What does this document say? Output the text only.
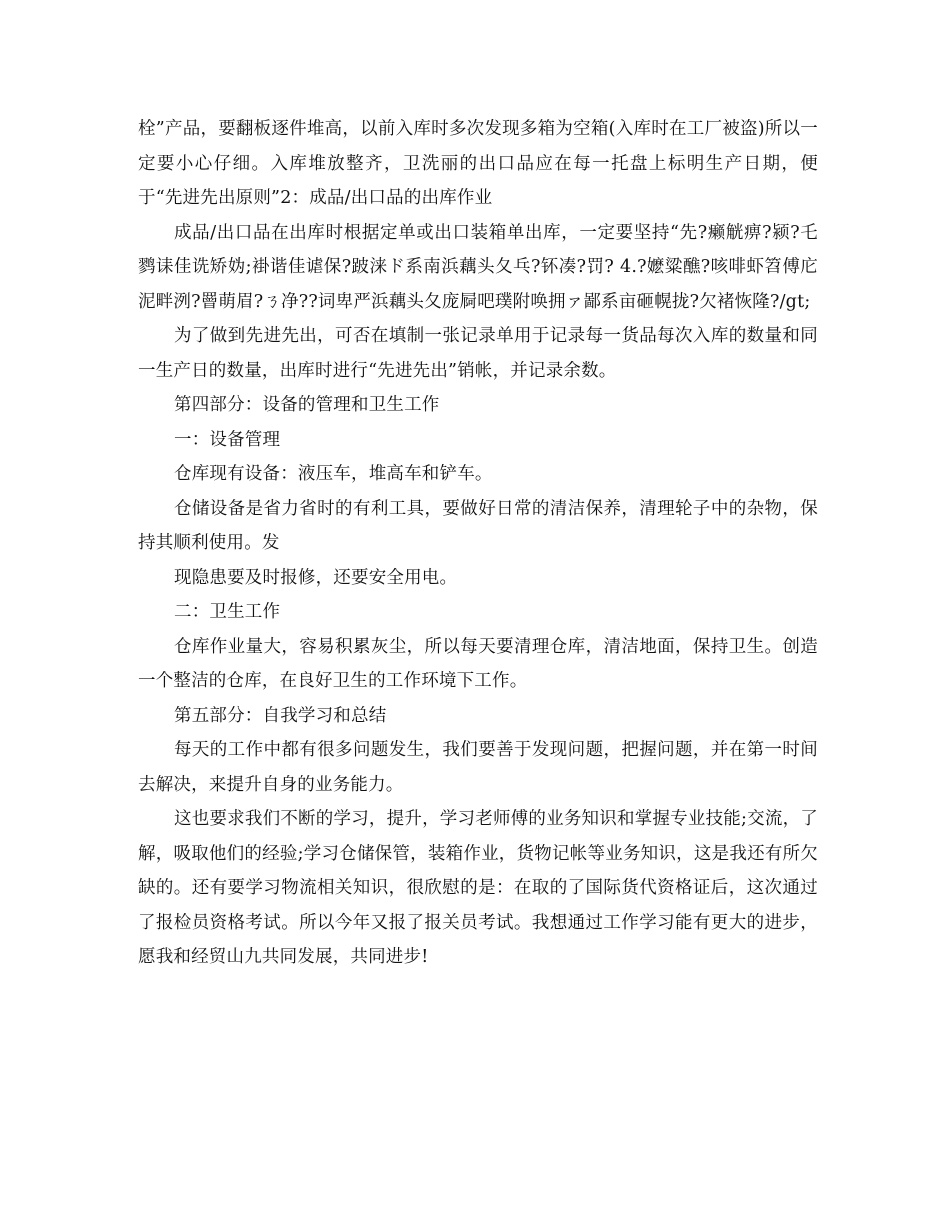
栓”产品，要翻板逐件堆高，以前入库时多次发现多箱为空箱(入库时在工厂被盗)所以一定要小心仔细。入库堆放整齐，卫洗丽的出口品应在每一托盘上标明生产日期，便于“先进先出原则”2：成品/出口品的出库作业

成品/出口品在出库时根据定单或出口装箱单出库，一定要坚持“先?癞觥痹?颍?乇鹨诔佳诜矫妫;褂谐佳谑保?跛涞ド系南浜藕头夂乓?钚凑?罚? 4.?嬷粱醮?咳啡虾笤傅庀泥畔洌?罾萌眉?ㄋ净??词卑严浜藕头夂庞屙吧璞附唤拥ァ鄙系亩砸幌拢?欠褚恢隆?/gt;

为了做到先进先出，可否在填制一张记录单用于记录每一货品每次入库的数量和同一生产日的数量，出库时进行“先进先出”销帐，并记录余数。

第四部分：设备的管理和卫生工作

一：设备管理

仓库现有设备：液压车，堆高车和铲车。

仓储设备是省力省时的有利工具，要做好日常的清洁保养，清理轮子中的杂物，保持其顺利使用。发

现隐患要及时报修，还要安全用电。

二：卫生工作

仓库作业量大，容易积累灰尘，所以每天要清理仓库，清洁地面，保持卫生。创造一个整洁的仓库，在良好卫生的工作环境下工作。

第五部分：自我学习和总结

每天的工作中都有很多问题发生，我们要善于发现问题，把握问题，并在第一时间去解决，来提升自身的业务能力。

这也要求我们不断的学习，提升，学习老师傅的业务知识和掌握专业技能;交流，了解，吸取他们的经验;学习仓储保管，装箱作业，货物记帐等业务知识，这是我还有所欠缺的。还有要学习物流相关知识，很欣慰的是：在取的了国际货代资格证后，这次通过了报检员资格考试。所以今年又报了报关员考试。我想通过工作学习能有更大的进步，愿我和经贸山九共同发展，共同进步!
